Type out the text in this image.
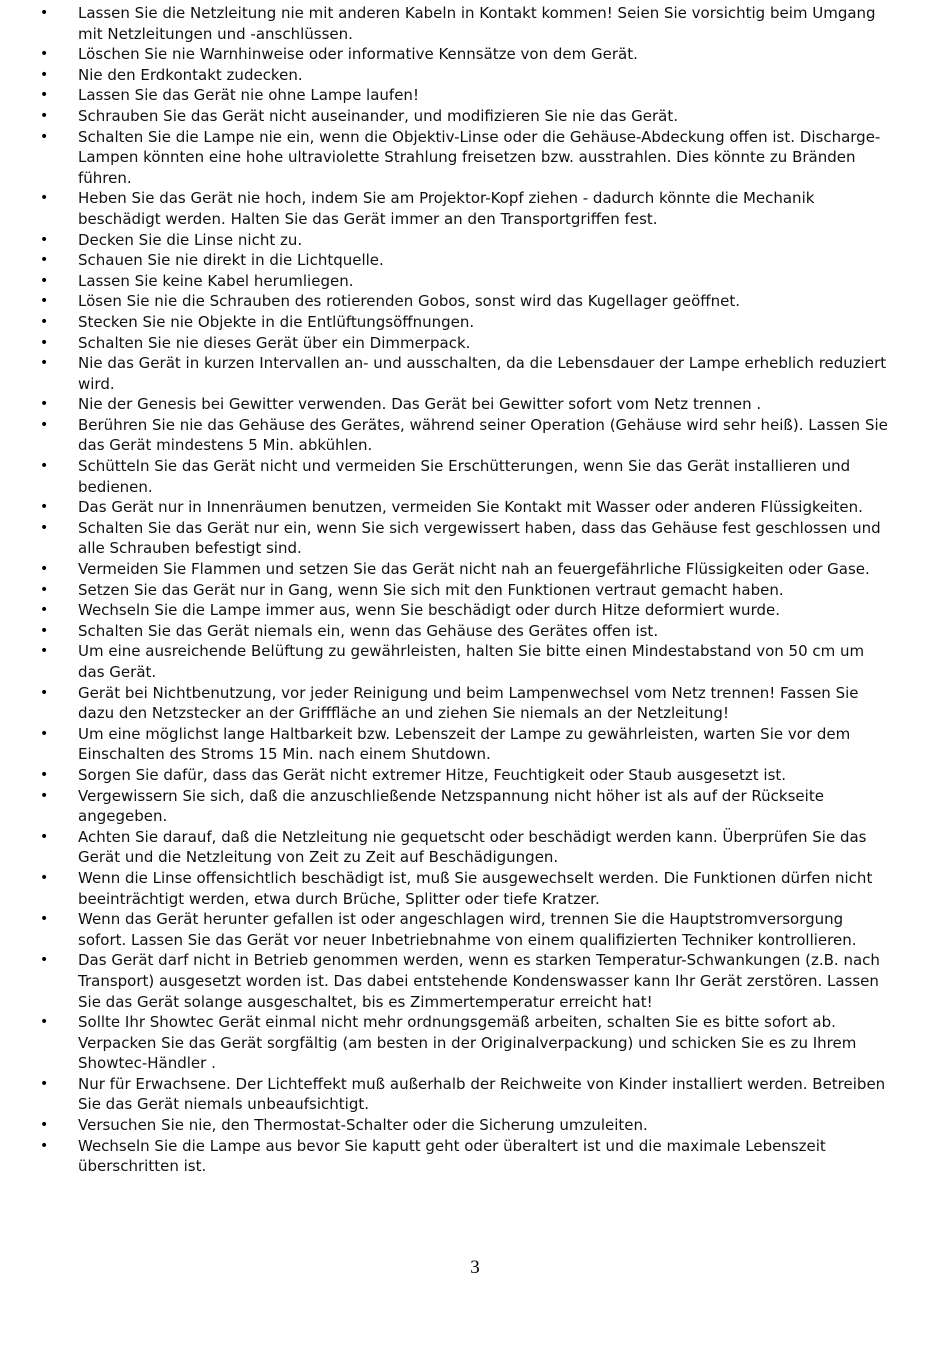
• Lassen Sie die Netzleitung nie mit anderen Kabeln in Kontakt kommen! Seien Sie vorsichtig beim Umgang mit Netzleitungen und -anschlüssen.
• Löschen Sie nie Warnhinweise oder informative Kennsätze von dem Gerät.
• Nie den Erdkontakt zudecken.
• Lassen Sie das Gerät nie ohne Lampe laufen!
• Schrauben Sie das Gerät nicht auseinander, und modifizieren Sie nie das Gerät.
• Schalten Sie die Lampe nie ein, wenn die Objektiv-Linse oder die Gehäuse-Abdeckung offen ist. Discharge-Lampen könnten eine hohe ultraviolette Strahlung freisetzen bzw. ausstrahlen. Dies könnte zu Bränden führen.
• Heben Sie das Gerät nie hoch, indem Sie am Projektor-Kopf ziehen - dadurch könnte die Mechanik beschädigt werden. Halten Sie das Gerät immer an den Transportgriffen fest.
• Decken Sie die Linse nicht zu.
• Schauen Sie nie direkt in die Lichtquelle.
• Lassen Sie keine Kabel herumliegen.
• Lösen Sie nie die Schrauben des rotierenden Gobos, sonst wird das Kugellager geöffnet.
• Stecken Sie nie Objekte in die Entlüftungsöffnungen.
• Schalten Sie nie dieses Gerät über ein Dimmerpack.
• Nie das Gerät in kurzen Intervallen an- und ausschalten, da die Lebensdauer der Lampe erheblich reduziert wird.
• Nie der Genesis bei Gewitter verwenden. Das Gerät bei Gewitter sofort vom Netz trennen .
• Berühren Sie nie das Gehäuse des Gerätes, während seiner Operation (Gehäuse wird sehr heiß). Lassen Sie das Gerät mindestens 5 Min. abkühlen.
• Schütteln Sie das Gerät nicht und vermeiden Sie Erschütterungen, wenn Sie das Gerät installieren und bedienen.
• Das Gerät nur in Innenräumen benutzen, vermeiden Sie Kontakt mit Wasser oder anderen Flüssigkeiten.
• Schalten Sie das Gerät nur ein, wenn Sie sich vergewissert haben, dass das Gehäuse fest geschlossen und alle Schrauben befestigt sind.
• Vermeiden Sie Flammen und setzen Sie das Gerät nicht nah an feuergefährliche Flüssigkeiten oder Gase.
• Setzen Sie das Gerät nur in Gang, wenn Sie sich mit den Funktionen vertraut gemacht haben.
• Wechseln Sie die Lampe immer aus, wenn Sie beschädigt oder durch Hitze deformiert wurde.
• Schalten Sie das Gerät niemals ein, wenn das Gehäuse des Gerätes offen ist.
• Um eine ausreichende Belüftung zu gewährleisten, halten Sie bitte einen Mindestabstand von 50 cm um das Gerät.
• Gerät bei Nichtbenutzung, vor jeder Reinigung und beim Lampenwechsel vom Netz trennen! Fassen Sie dazu den Netzstecker an der Grifffläche an und ziehen Sie niemals an der Netzleitung!
• Um eine möglichst lange Haltbarkeit bzw. Lebenszeit der Lampe zu gewährleisten, warten Sie vor dem Einschalten des Stroms 15 Min. nach einem Shutdown.
• Sorgen Sie dafür, dass das Gerät nicht extremer Hitze, Feuchtigkeit oder Staub ausgesetzt ist.
• Vergewissern Sie sich, daß die anzuschließende Netzspannung nicht höher ist als auf der Rückseite angegeben.
• Achten Sie darauf, daß die Netzleitung nie gequetscht oder beschädigt werden kann. Überprüfen Sie das Gerät und die Netzleitung von Zeit zu Zeit auf Beschädigungen.
• Wenn die Linse offensichtlich beschädigt ist, muß Sie ausgewechselt werden. Die Funktionen dürfen nicht beeinträchtigt werden, etwa durch Brüche, Splitter oder tiefe Kratzer.
• Wenn das Gerät herunter gefallen ist oder angeschlagen wird, trennen Sie die Hauptstromversorgung sofort. Lassen Sie das Gerät vor neuer Inbetriebnahme von einem qualifizierten Techniker kontrollieren.
• Das Gerät darf nicht in Betrieb genommen werden, wenn es starken Temperatur-Schwankungen (z.B. nach Transport) ausgesetzt worden ist. Das dabei entstehende Kondenswasser kann Ihr Gerät zerstören. Lassen Sie das Gerät solange ausgeschaltet, bis es Zimmertemperatur erreicht hat!
• Sollte Ihr Showtec Gerät einmal nicht mehr ordnungsgemäß arbeiten, schalten Sie es bitte sofort ab. Verpacken Sie das Gerät sorgfältig (am besten in der Originalverpackung) und schicken Sie es zu Ihrem Showtec-Händler .
• Nur für Erwachsene. Der Lichteffekt muß außerhalb der Reichweite von Kinder installiert werden. Betreiben Sie das Gerät niemals unbeaufsichtigt.
• Versuchen Sie nie, den Thermostat-Schalter oder die Sicherung umzuleiten.
• Wechseln Sie die Lampe aus bevor Sie kaputt geht oder überaltert ist und die maximale Lebenszeit überschritten ist.
3
